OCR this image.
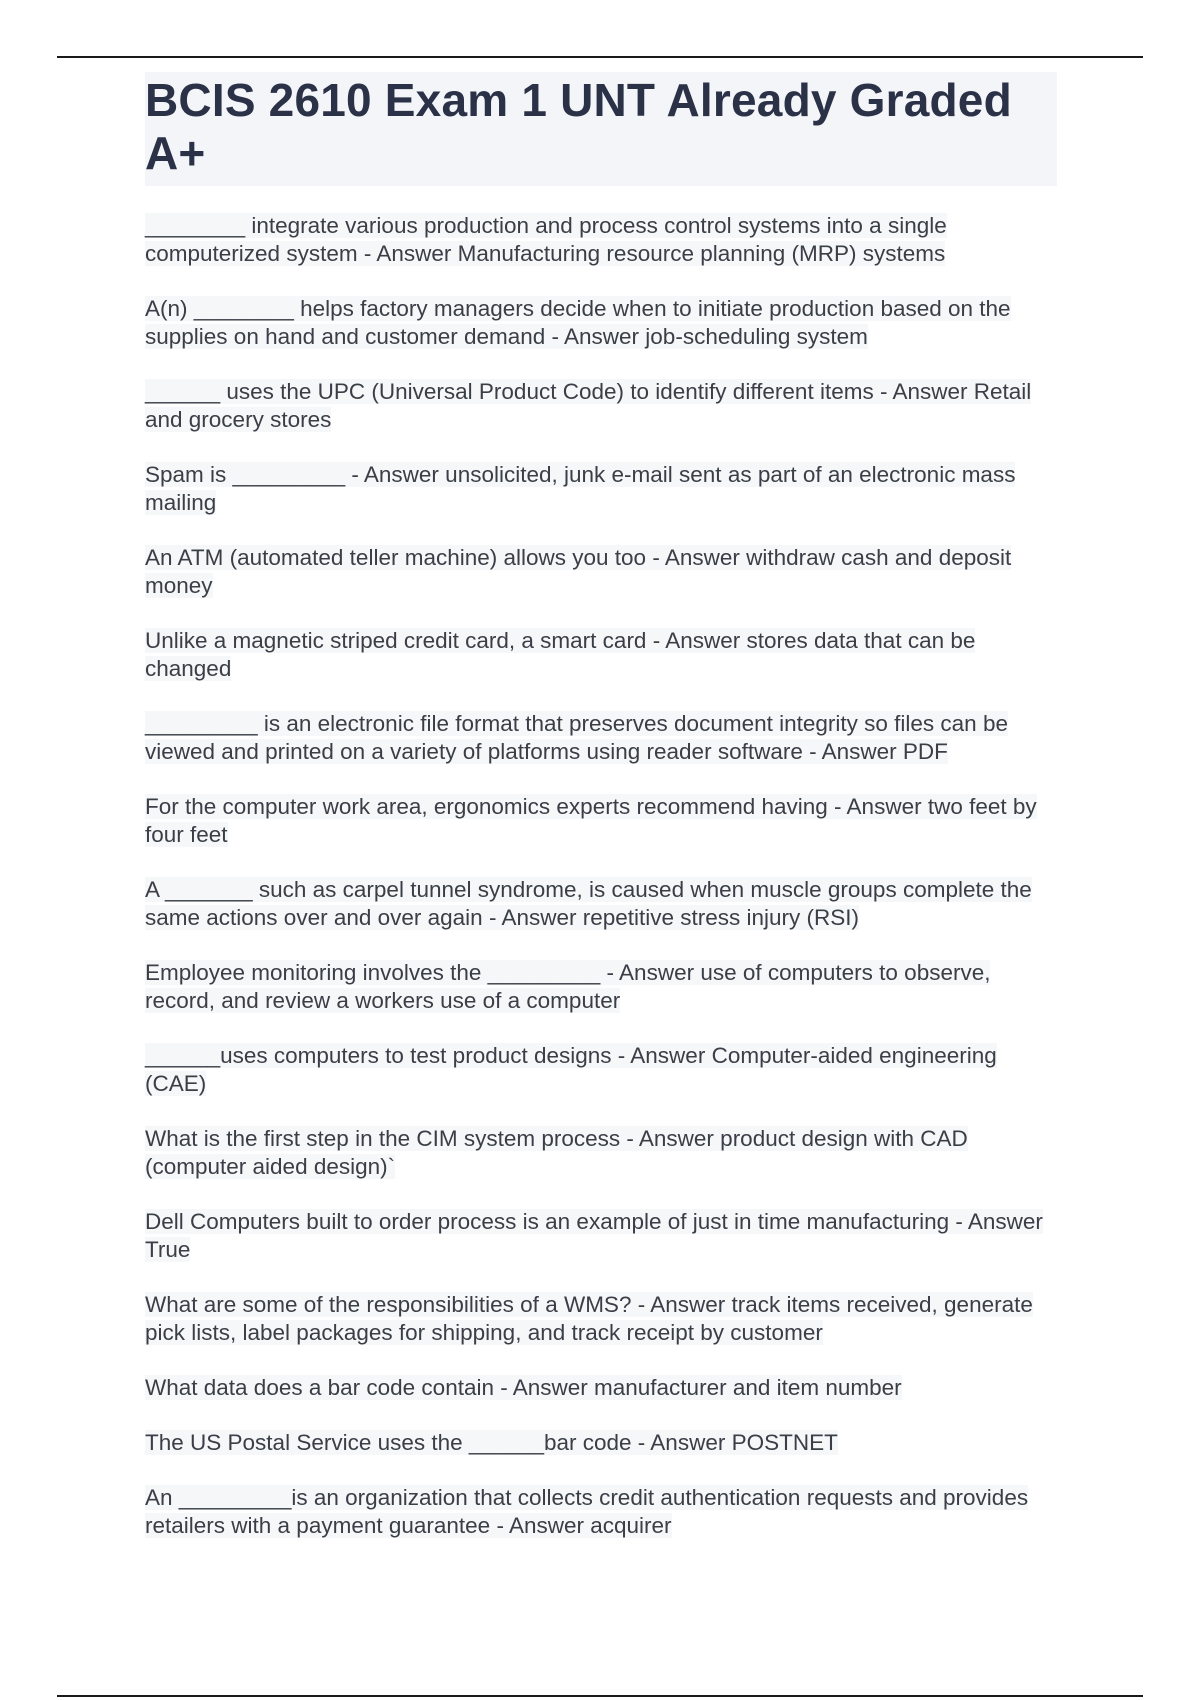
BCIS 2610 Exam 1 UNT Already Graded A+

________ integrate various production and process control systems into a single computerized system - Answer Manufacturing resource planning (MRP) systems

A(n) ________ helps factory managers decide when to initiate production based on the supplies on hand and customer demand - Answer job-scheduling system

______ uses the UPC (Universal Product Code) to identify different items - Answer Retail and grocery stores

Spam is _________ - Answer unsolicited, junk e-mail sent as part of an electronic mass mailing

An ATM (automated teller machine) allows you too - Answer withdraw cash and deposit money

Unlike a magnetic striped credit card, a smart card - Answer stores data that can be changed

_________ is an electronic file format that preserves document integrity so files can be viewed and printed on a variety of platforms using reader software - Answer PDF

For the computer work area, ergonomics experts recommend having - Answer two feet by four feet

A _______ such as carpel tunnel syndrome, is caused when muscle groups complete the same actions over and over again - Answer repetitive stress injury (RSI)

Employee monitoring involves the _________ - Answer use of computers to observe, record, and review a workers use of a computer

______uses computers to test product designs - Answer Computer-aided engineering (CAE)

What is the first step in the CIM system process - Answer product design with CAD (computer aided design)`

Dell Computers built to order process is an example of just in time manufacturing - Answer True

What are some of the responsibilities of a WMS? - Answer track items received, generate pick lists, label packages for shipping, and track receipt by customer

What data does a bar code contain - Answer manufacturer and item number

The US Postal Service uses the ______bar code - Answer POSTNET

An _________is an organization that collects credit authentication requests and provides retailers with a payment guarantee - Answer acquirer
